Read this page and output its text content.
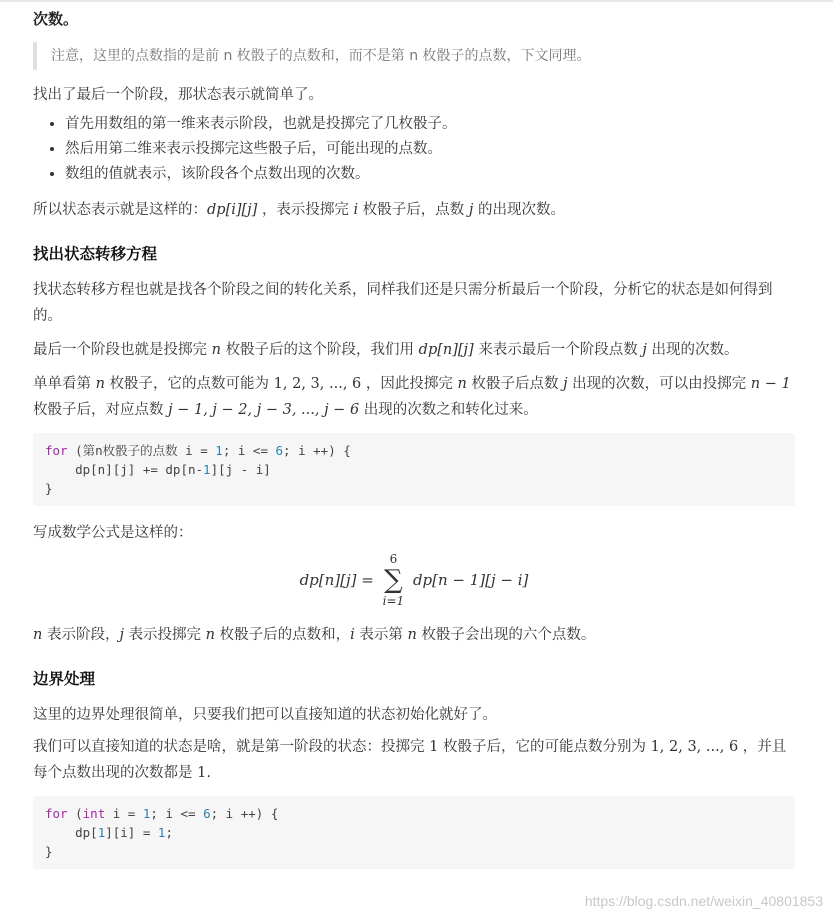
次数。

注意，这里的点数指的是前 n 枚骰子的点数和，而不是第 n 枚骰子的点数，下文同理。

找出了最后一个阶段，那状态表示就简单了。

• 首先用数组的第一维来表示阶段，也就是投掷完了几枚骰子。
• 然后用第二维来表示投掷完这些骰子后，可能出现的点数。
• 数组的值就表示，该阶段各个点数出现的次数。

所以状态表示就是这样的：dp[i][j] ，表示投掷完 i 枚骰子后，点数 j 的出现次数。

找出状态转移方程

找状态转移方程也就是找各个阶段之间的转化关系，同样我们还是只需分析最后一个阶段，分析它的状态是如何得到的。

最后一个阶段也就是投掷完 n 枚骰子后的这个阶段，我们用 dp[n][j] 来表示最后一个阶段点数 j 出现的次数。

单单看第 n 枚骰子，它的点数可能为 1, 2, 3, ..., 6 ，因此投掷完 n 枚骰子后点数 j 出现的次数，可以由投掷完 n − 1 枚骰子后，对应点数 j − 1, j − 2, j − 3, ..., j − 6 出现的次数之和转化过来。

for (第n枚骰子的点数 i = 1; i <= 6; i ++) {
dp[n][j] += dp[n-1][j - i]
}

写成数学公式是这样的：

dp[n][j] =
6
∑
i=1
dp[n − 1][j − i]

n 表示阶段，j 表示投掷完 n 枚骰子后的点数和，i 表示第 n 枚骰子会出现的六个点数。

边界处理

这里的边界处理很简单，只要我们把可以直接知道的状态初始化就好了。

我们可以直接知道的状态是啥，就是第一阶段的状态：投掷完 1 枚骰子后，它的可能点数分别为 1, 2, 3, ..., 6 ，并且每个点数出现的次数都是 1.

for (int i = 1; i <= 6; i ++) {
dp[1][i] = 1;
}
https://blog.csdn.net/weixin_40801853
